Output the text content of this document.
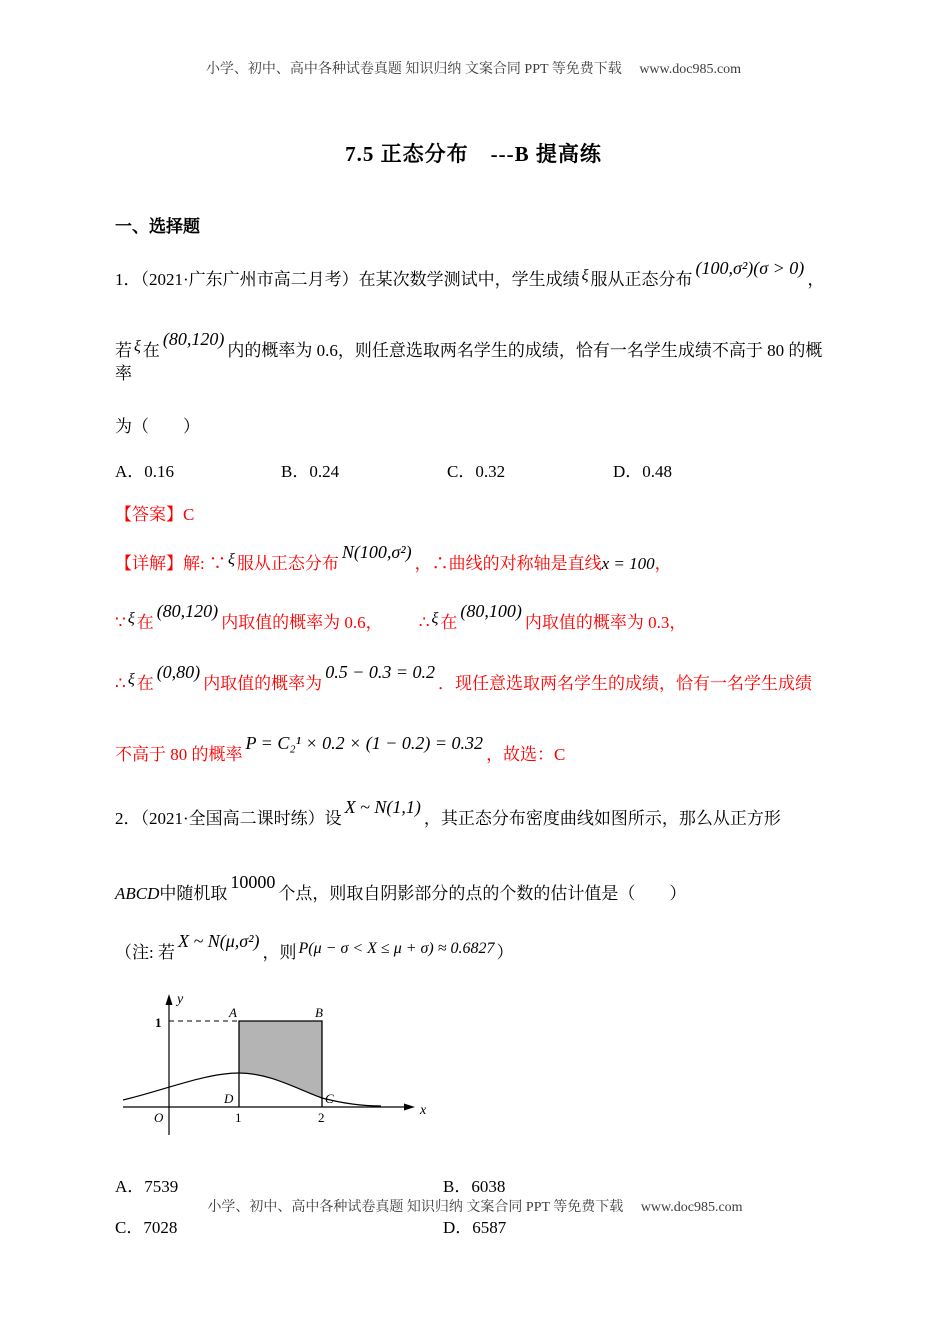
小学、初中、高中各种试卷真题 知识归纳 文案合同 PPT 等免费下载 www.doc985.com
7.5 正态分布　---B 提高练
一、选择题
1．（2021·广东广州市高二月考）在某次数学测试中，学生成绩 ξ 服从正态分布(100,σ²)(σ > 0)，
若 ξ 在(80,120)内的概率为 0.6，则任意选取两名学生的成绩，恰有一名学生成绩不高于 80 的概率
为（　　）
A．0.16	B．0.24	C．0.32	D．0.48
【答案】C
【详解】解: ∵ ξ 服从正态分布N(100,σ²)，∴曲线的对称轴是直线x = 100，
∵ ξ 在(80,120)内取值的概率为 0.6， ∴ ξ 在(80,100)内取值的概率为 0.3，
∴ ξ 在(0,80)内取值的概率为0.5 − 0.3 = 0.2．现任意选取两名学生的成绩，恰有一名学生成绩
不高于 80 的概率P = C₂¹ × 0.2 × (1 − 0.2) = 0.32，故选：C
2．（2021·全国高二课时练）设X ~ N(1,1)，其正态分布密度曲线如图所示，那么从正方形
ABCD中随机取10000个点，则取自阴影部分的点的个数的估计值是（　　）
（注: 若X ~ N(μ,σ²)，则 P(μ − σ < X ≤ μ + σ) ≈ 0.6827 ）
y
x
1
A	B
O
D	C
1	2
A．7539	B．6038
C．7028	D．6587
小学、初中、高中各种试卷真题 知识归纳 文案合同 PPT 等免费下载 www.doc985.com
